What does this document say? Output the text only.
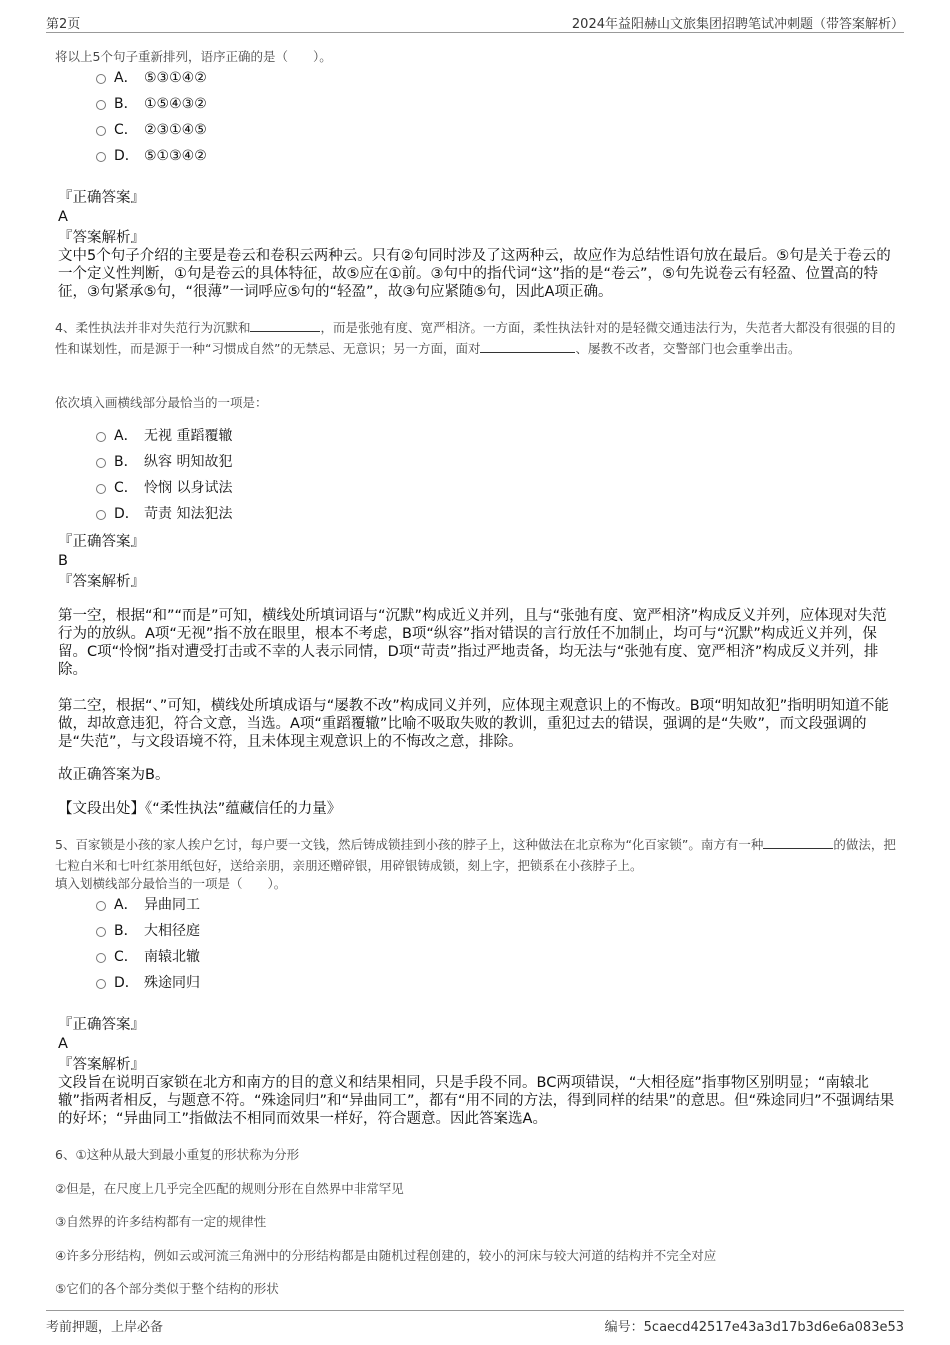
第2页	2024年益阳赫山文旅集团招聘笔试冲刺题（带答案解析）
将以上5个句子重新排列，语序正确的是（　　）。
A． ⑤③①④②
B． ①⑤④③②
C． ②③①④⑤
D． ⑤①③④②
『正确答案』
A
『答案解析』
文中5个句子介绍的主要是卷云和卷积云两种云。只有②句同时涉及了这两种云，故应作为总结性语句放在最后。⑤句是关于卷云的一个定义性判断，①句是卷云的具体特征，故⑤应在①前。③句中的指代词“这”指的是“卷云”，⑤句先说卷云有轻盈、位置高的特征，③句紧承⑤句，“很薄”一词呼应⑤句的“轻盈”，故③句应紧随⑤句，因此A项正确。
4、柔性执法并非对失范行为沉默和	，而是张弛有度、宽严相济。一方面，柔性执法针对的是轻微交通违法行为，失范者大都没有很强的目的性和谋划性，而是源于一种“习惯成自然”的无禁忌、无意识；另一方面，面对	、屡教不改者，交警部门也会重拳出击。
依次填入画横线部分最恰当的一项是：
A． 无视 重蹈覆辙
B． 纵容 明知故犯
C． 怜悯 以身试法
D． 苛责 知法犯法
『正确答案』
B
『答案解析』

第一空，根据“和”“而是”可知，横线处所填词语与“沉默”构成近义并列，且与“张弛有度、宽严相济”构成反义并列，应体现对失范行为的放纵。A项“无视”指不放在眼里，根本不考虑，B项“纵容”指对错误的言行放任不加制止，均可与“沉默”构成近义并列，保留。C项“怜悯”指对遭受打击或不幸的人表示同情，D项“苛责”指过严地责备，均无法与“张弛有度、宽严相济”构成反义并列，排除。

第二空，根据“、”可知，横线处所填成语与“屡教不改”构成同义并列，应体现主观意识上的不悔改。B项“明知故犯”指明明知道不能做，却故意违犯，符合文意，当选。A项“重蹈覆辙”比喻不吸取失败的教训，重犯过去的错误，强调的是“失败”，而文段强调的是“失范”，与文段语境不符，且未体现主观意识上的不悔改之意，排除。

故正确答案为B。
【文段出处】《“柔性执法”蕴藏信任的力量》
5、百家锁是小孩的家人挨户乞讨，每户要一文钱，然后铸成锁挂到小孩的脖子上，这种做法在北京称为“化百家锁”。南方有一种	的做法，把七粒白米和七叶红茶用纸包好，送给亲朋，亲朋还赠碎银，用碎银铸成锁，刻上字，把锁系在小孩脖子上。
填入划横线部分最恰当的一项是（　　）。
A． 异曲同工
B． 大相径庭
C． 南辕北辙
D． 殊途同归
『正确答案』
A
『答案解析』
文段旨在说明百家锁在北方和南方的目的意义和结果相同，只是手段不同。BC两项错误，“大相径庭”指事物区别明显；“南辕北辙”指两者相反，与题意不符。“殊途同归”和“异曲同工”，都有“用不同的方法，得到同样的结果”的意思。但“殊途同归”不强调结果的好坏；“异曲同工”指做法不相同而效果一样好，符合题意。因此答案选A。
6、①这种从最大到最小重复的形状称为分形
②但是，在尺度上几乎完全匹配的规则分形在自然界中非常罕见
③自然界的许多结构都有一定的规律性
④许多分形结构，例如云或河流三角洲中的分形结构都是由随机过程创建的，较小的河床与较大河道的结构并不完全对应
⑤它们的各个部分类似于整个结构的形状
考前押题，上岸必备	编号：5caecd42517e43a3d17b3d6e6a083e53
